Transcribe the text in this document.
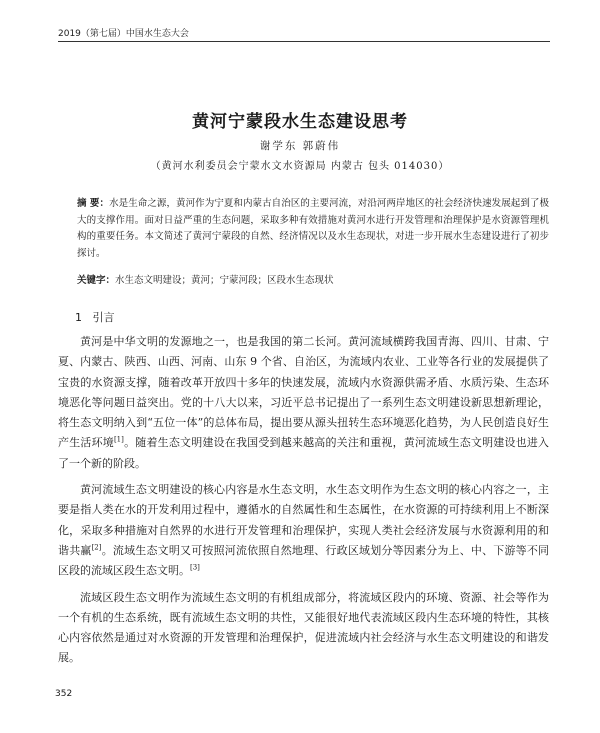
2019（第七届）中国水生态大会
黄河宁蒙段水生态建设思考
谢学东 郭蔚伟
（黄河水利委员会宁蒙水文水资源局 内蒙古 包头 014030）
摘 要：水是生命之源，黄河作为宁夏和内蒙古自治区的主要河流，对沿河两岸地区的社会经济快速发展起到了极大的支撑作用。面对日益严重的生态问题，采取多种有效措施对黄河水进行开发管理和治理保护是水资源管理机构的重要任务。本文简述了黄河宁蒙段的自然、经济情况以及水生态现状，对进一步开展水生态建设进行了初步探讨。
关键字：水生态文明建设；黄河；宁蒙河段；区段水生态现状
1 引言

黄河是中华文明的发源地之一，也是我国的第二长河。黄河流域横跨我国青海、四川、甘肃、宁夏、内蒙古、陕西、山西、河南、山东 9 个省、自治区，为流域内农业、工业等各行业的发展提供了宝贵的水资源支撑，随着改革开放四十多年的快速发展，流域内水资源供需矛盾、水质污染、生态环境恶化等问题日益突出。党的十八大以来，习近平总书记提出了一系列生态文明建设新思想新理论，将生态文明纳入到“五位一体”的总体布局，提出要从源头扭转生态环境恶化趋势，为人民创造良好生产生活环境[1]。随着生态文明建设在我国受到越来越高的关注和重视，黄河流域生态文明建设也进入了一个新的阶段。

黄河流域生态文明建设的核心内容是水生态文明，水生态文明作为生态文明的核心内容之一，主要是指人类在水的开发利用过程中，遵循水的自然属性和生态属性，在水资源的可持续利用上不断深化，采取多种措施对自然界的水进行开发管理和治理保护，实现人类社会经济发展与水资源利用的和谐共赢[2]。流域生态文明又可按照河流依照自然地理、行政区域划分等因素分为上、中、下游等不同区段的流域区段生态文明。[3]

流域区段生态文明作为流域生态文明的有机组成部分，将流域区段内的环境、资源、社会等作为一个有机的生态系统，既有流域生态文明的共性，又能很好地代表流域区段内生态环境的特性，其核心内容依然是通过对水资源的开发管理和治理保护，促进流域内社会经济与水生态文明建设的和谐发展。

352
